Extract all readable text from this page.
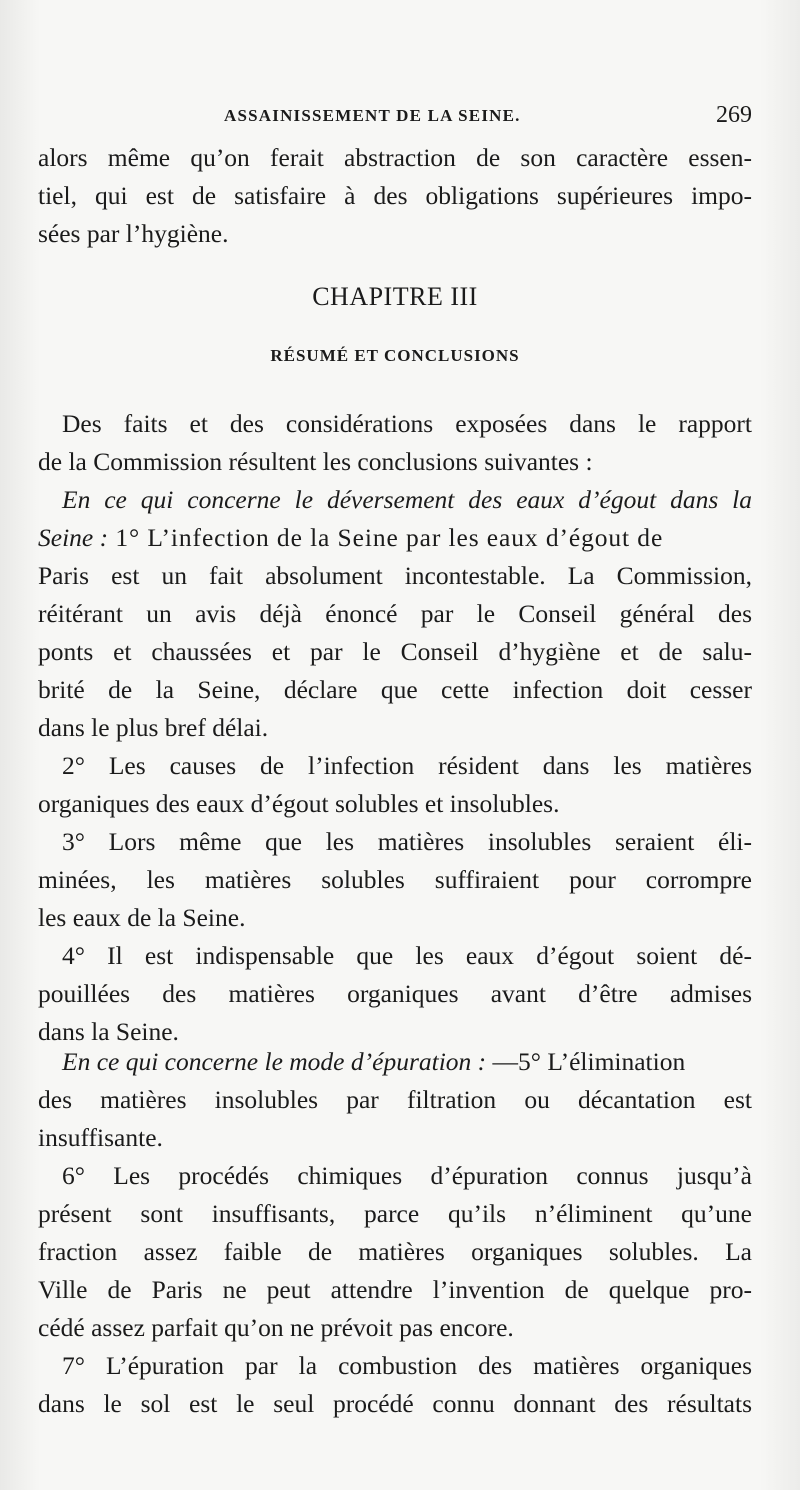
ASSAINISSEMENT DE LA SEINE.	269
alors même qu’on ferait abstraction de son caractère essen-
tiel, qui est de satisfaire à des obligations supérieures impo-
sées par l’hygiène.
CHAPITRE III
RÉSUMÉ ET CONCLUSIONS
Des faits et des considérations exposées dans le rapport
de la Commission résultent les conclusions suivantes :
En ce qui concerne le déversement des eaux d’égout dans la
Seine : 1° L’infection de la Seine par les eaux d’égout de
Paris est un fait absolument incontestable. La Commission,
réitérant un avis déjà énoncé par le Conseil général des
ponts et chaussées et par le Conseil d’hygiène et de salu-
brité de la Seine, déclare que cette infection doit cesser
dans le plus bref délai.
2° Les causes de l’infection résident dans les matières
organiques des eaux d’égout solubles et insolubles.
3° Lors même que les matières insolubles seraient éli-
minées, les matières solubles suffiraient pour corrompre
les eaux de la Seine.
4° Il est indispensable que les eaux d’égout soient dé-
pouillées des matières organiques avant d’être admises
dans la Seine.
En ce qui concerne le mode d’épuration : —5° L’élimination
des matières insolubles par filtration ou décantation est
insuffisante.
6° Les procédés chimiques d’épuration connus jusqu’à
présent sont insuffisants, parce qu’ils n’éliminent qu’une
fraction assez faible de matières organiques solubles. La
Ville de Paris ne peut attendre l’invention de quelque pro-
cédé assez parfait qu’on ne prévoit pas encore.
7° L’épuration par la combustion des matières organiques
dans le sol est le seul procédé connu donnant des résultats
